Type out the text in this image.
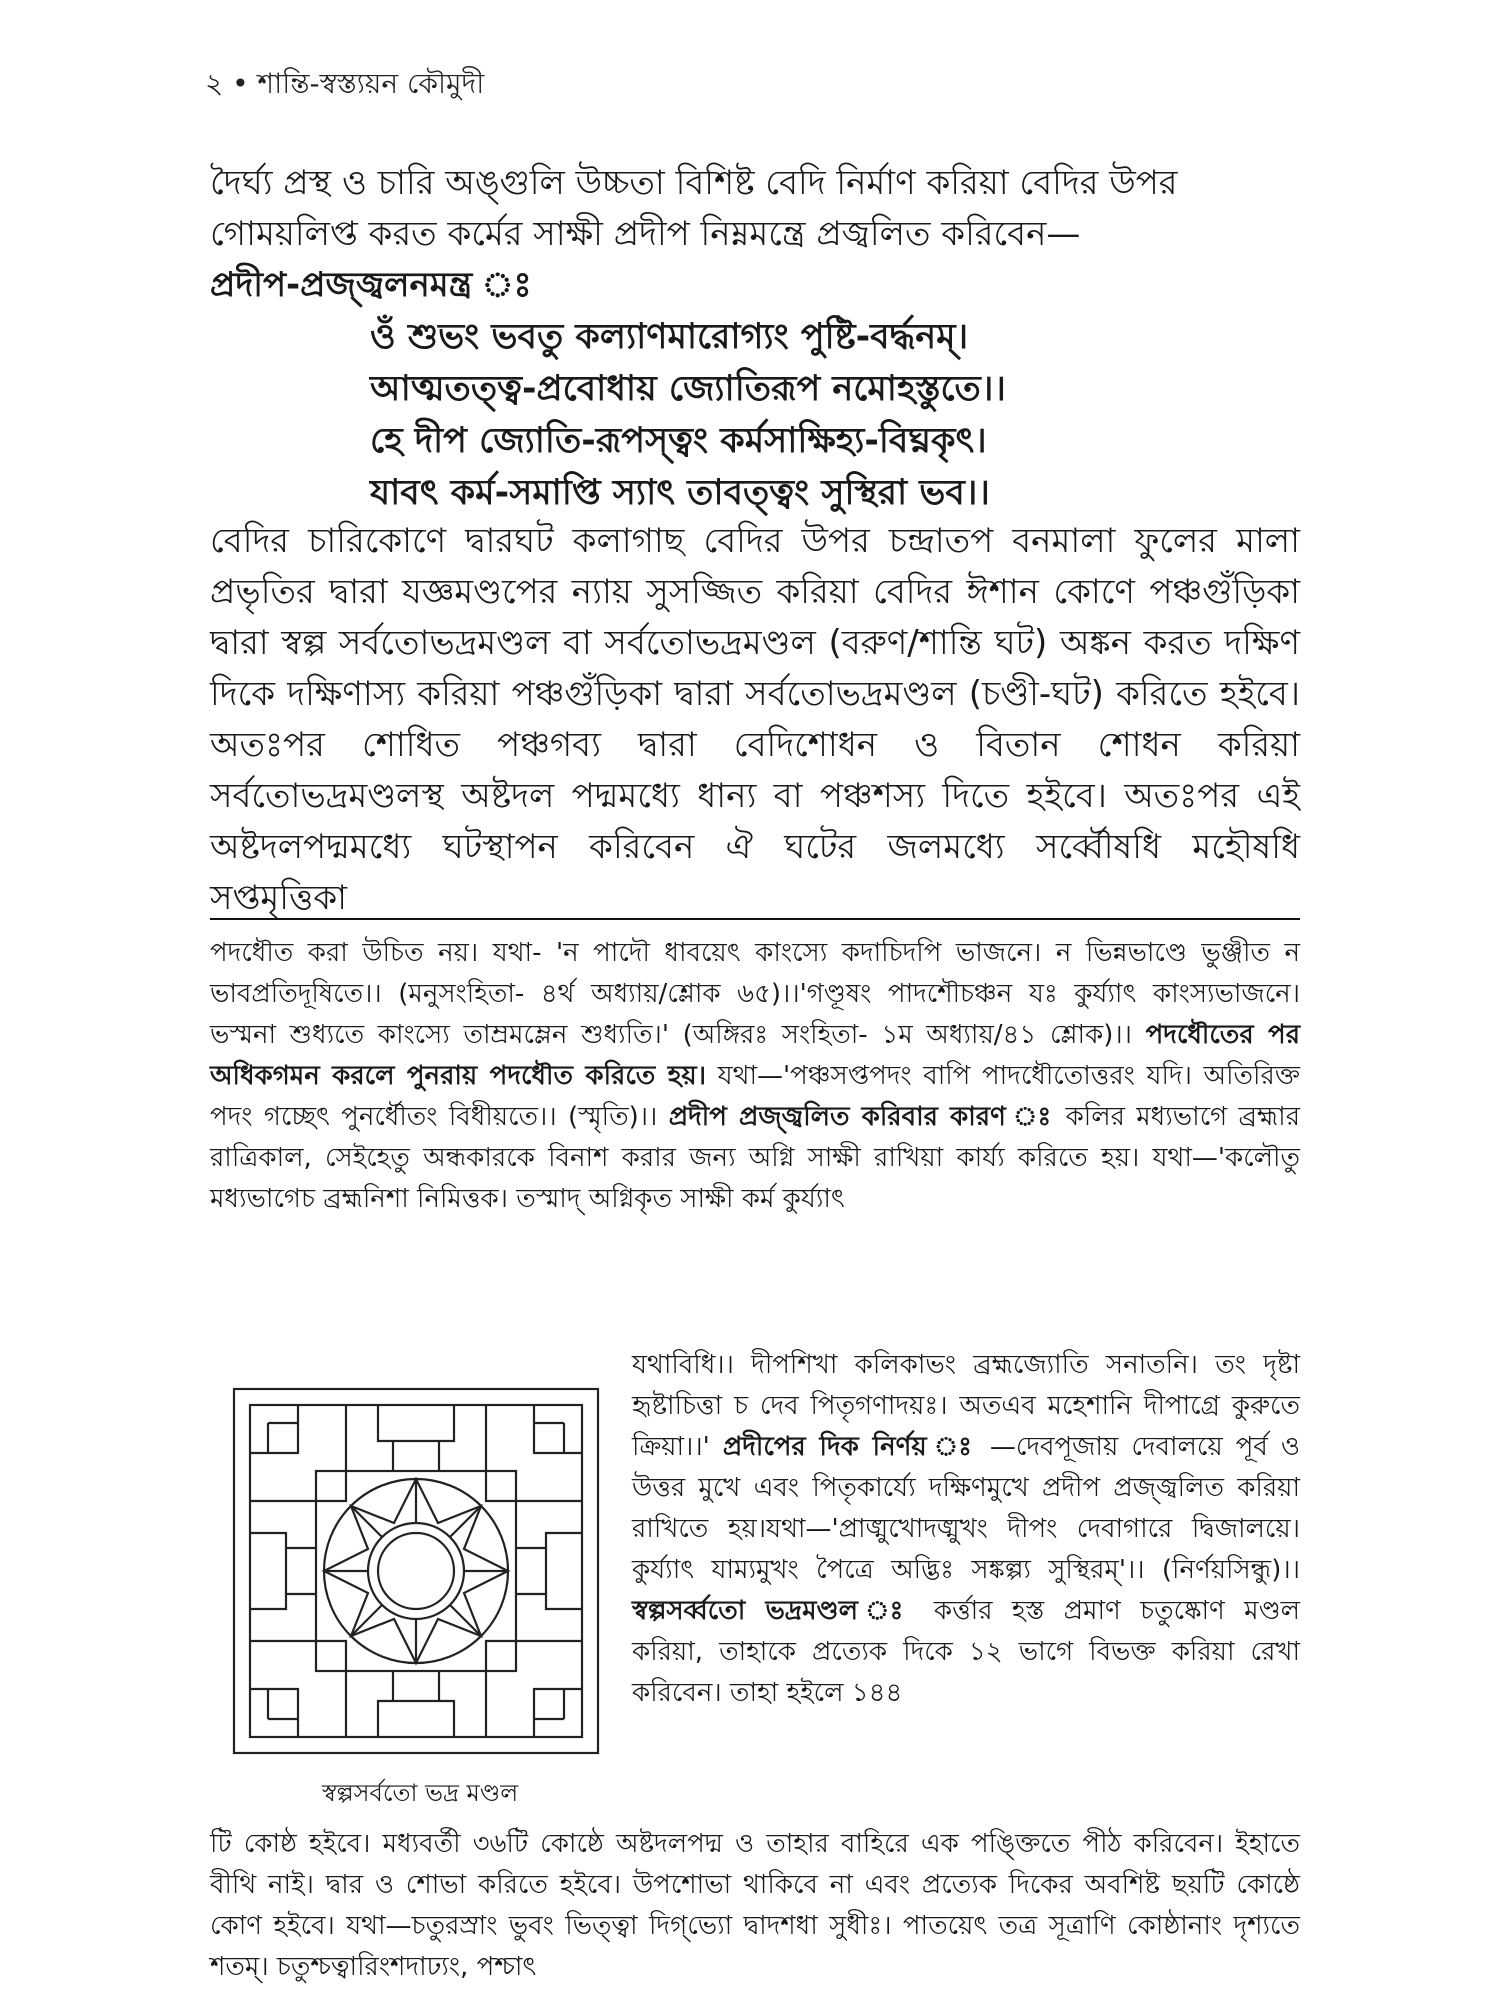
২ • শান্তি-স্বস্ত্যয়ন কৌমুদী

দৈর্ঘ্য প্রস্থ ও চারি অঙ্গুলি উচ্চতা বিশিষ্ট বেদি নির্মাণ করিয়া বেদির উপর

গোময়লিপ্ত করত কর্মের সাক্ষী প্রদীপ নিম্নমন্ত্রে প্রজ্বলিত করিবেন—

প্রদীপ-প্রজ্জ্বলনমন্ত্র ঃ

ওঁ শুভং ভবতু কল্যাণমারোগ্যং পুষ্টি-বর্দ্ধনম্।
আত্মতত্ত্ব-প্রবোধায় জ্যোতিরূপ নমোহস্তুতে।।
হে দীপ জ্যোতি-রূপস্ত্বং কর্মসাক্ষিহ্য-বিঘ্নকৃৎ।
যাবৎ কর্ম-সমাপ্তি স্যাৎ তাবত্ত্বং সুস্থিরা ভব।।

বেদির চারিকোণে দ্বারঘট কলাগাছ বেদির উপর চন্দ্রাতপ বনমালা ফুলের মালা প্রভৃতির দ্বারা যজ্ঞমণ্ডপের ন্যায় সুসজ্জিত করিয়া বেদির ঈশান কোণে পঞ্চগুঁড়িকা দ্বারা স্বল্প সর্বতোভদ্রমণ্ডল বা সর্বতোভদ্রমণ্ডল (বরুণ/শান্তি ঘট) অঙ্কন করত দক্ষিণ দিকে দক্ষিণাস্য করিয়া পঞ্চগুঁড়িকা দ্বারা সর্বতোভদ্রমণ্ডল (চণ্ডী-ঘট) করিতে হইবে। অতঃপর শোধিত পঞ্চগব্য দ্বারা বেদিশোধন ও বিতান শোধন করিয়া সর্বতোভদ্রমণ্ডলস্থ অষ্টদল পদ্মমধ্যে ধান্য বা পঞ্চশস্য দিতে হইবে। অতঃপর এই অষ্টদলপদ্মমধ্যে ঘটস্থাপন করিবেন ঐ ঘটের জলমধ্যে সর্ব্বৌষধি মহৌষধি সপ্তমৃত্তিকা

পদধৌত করা উচিত নয়। যথা- 'ন পাদৌ ধাবয়েৎ কাংস্যে কদাচিদপি ভাজনে। ন ভিন্নভাণ্ডে ভুঞ্জীত ন ভাবপ্রতিদূষিতে।। (মনুসংহিতা- ৪র্থ অধ্যায়/শ্লোক ৬৫)।।'গণ্ডূষং পাদশৌচঞ্চন যঃ কুর্য্যাৎ কাংস্যভাজনে। ভস্মনা শুধ্যতে কাংস্যে তাম্রমম্লেন শুধ্যতি।' (অঙ্গিরঃ সংহিতা- ১ম অধ্যায়/৪১ শ্লোক)।। পদধৌতের পর অধিকগমন করলে পুনরায় পদধৌত করিতে হয়। যথা—'পঞ্চসপ্তপদং বাপি পাদধৌতোত্তরং যদি। অতিরিক্ত পদং গচ্ছেৎ পুনর্ধৌতং বিধীয়তে।। (স্মৃতি)।। প্রদীপ প্রজ্জ্বলিত করিবার কারণ ঃ কলির মধ্যভাগে ব্রহ্মার রাত্রিকাল, সেইহেতু অন্ধকারকে বিনাশ করার জন্য অগ্নি সাক্ষী রাখিয়া কার্য্য করিতে হয়। যথা—'কলৌতু মধ্যভাগেচ ব্রহ্মনিশা নিমিত্তক। তস্মাদ্ অগ্নিকৃত সাক্ষী কর্ম কুর্য্যাৎ
যথাবিধি।। দীপশিখা কলিকাভং ব্রহ্মজ্যোতি সনাতনি। তং দৃষ্টা হৃষ্টাচিত্তা চ দেব পিতৃগণাদয়ঃ। অতএব মহেশানি দীপাগ্রে কুরুতে ক্রিয়া।।' প্রদীপের দিক নির্ণয় ঃ —দেবপূজায় দেবালয়ে পূর্ব ও উত্তর মুখে এবং পিতৃকার্য্যে দক্ষিণমুখে প্রদীপ প্রজ্জ্বলিত করিয়া রাখিতে হয়।যথা—'প্রাঙ্মুখোদঙ্মুখং দীপং দেবাগারে দ্বিজালয়ে। কুর্য্যাৎ যাম্যমুখং পৈত্রে অদ্ভিঃ সঙ্কল্প্য সুস্থিরম্'।। (নির্ণয়সিন্ধু)।। স্বল্পসর্ব্বতো ভদ্রমণ্ডল ঃ কর্ত্তার হস্ত প্রমাণ চতুষ্কোণ মণ্ডল করিয়া, তাহাকে প্রত্যেক দিকে ১২ ভাগে বিভক্ত করিয়া রেখা করিবেন। তাহা হইলে ১৪৪
স্বল্পসর্বতো ভদ্র মণ্ডল
টি কোষ্ঠ হইবে। মধ্যবর্তী ৩৬টি কোষ্ঠে অষ্টদলপদ্ম ও তাহার বাহিরে এক পঙ্ক্তিতে পীঠ করিবেন। ইহাতে বীথি নাই। দ্বার ও শোভা করিতে হইবে। উপশোভা থাকিবে না এবং প্রত্যেক দিকের অবশিষ্ট ছয়টি কোষ্ঠে কোণ হইবে। যথা—চতুরস্রাং ভুবং ভিত্ত্বা দিগ্‌ভ্যো দ্বাদশধা সুধীঃ। পাতয়েৎ তত্র সূত্রাণি কোষ্ঠানাং দৃশ্যতে শতম্। চতুশ্চত্বারিংশদাঢ্যং, পশ্চাৎ
